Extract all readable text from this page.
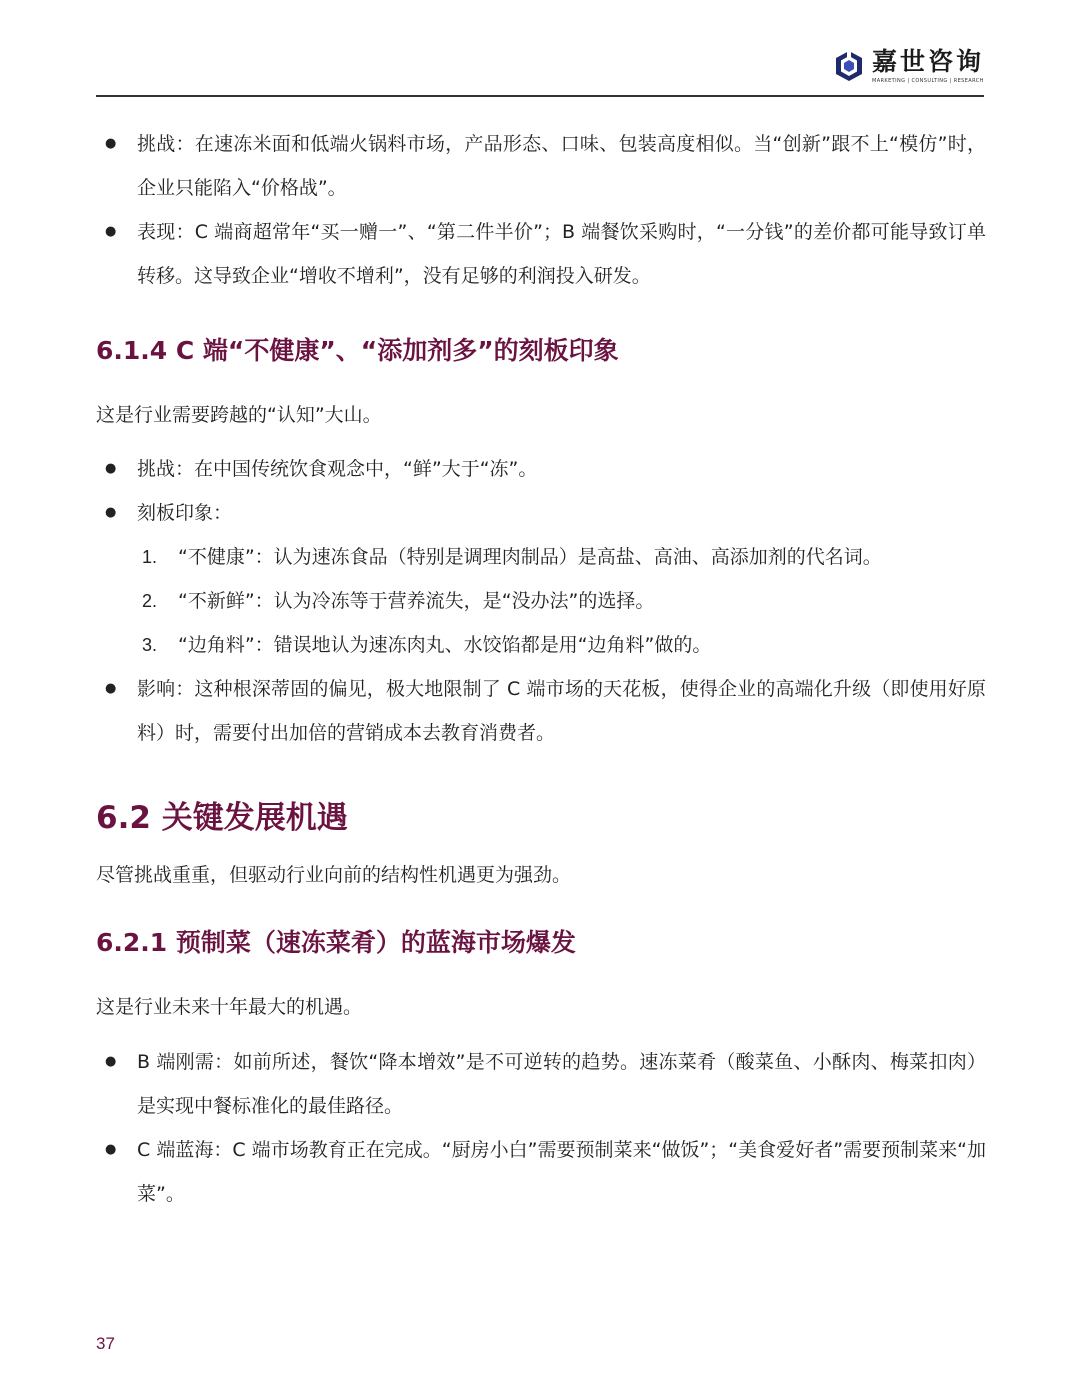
嘉世咨询
MARKETING | CONSULTING | RESEARCH
● 挑战：在速冻米面和低端火锅料市场，产品形态、口味、包装高度相似。当“创新”跟不上“模仿”时，企业只能陷入“价格战”。
● 表现：C 端商超常年“买一赠一”、“第二件半价”；B 端餐饮采购时，“一分钱”的差价都可能导致订单转移。这导致企业“增收不增利”，没有足够的利润投入研发。
6.1.4 C 端“不健康”、“添加剂多”的刻板印象

这是行业需要跨越的“认知”大山。

● 挑战：在中国传统饮食观念中，“鲜”大于“冻”。
● 刻板印象：
1. “不健康”：认为速冻食品（特别是调理肉制品）是高盐、高油、高添加剂的代名词。
2. “不新鲜”：认为冷冻等于营养流失，是“没办法”的选择。
3. “边角料”：错误地认为速冻肉丸、水饺馅都是用“边角料”做的。
● 影响：这种根深蒂固的偏见，极大地限制了 C 端市场的天花板，使得企业的高端化升级（即使用好原料）时，需要付出加倍的营销成本去教育消费者。
6.2 关键发展机遇

尽管挑战重重，但驱动行业向前的结构性机遇更为强劲。

6.2.1 预制菜（速冻菜肴）的蓝海市场爆发

这是行业未来十年最大的机遇。

● B 端刚需：如前所述，餐饮“降本增效”是不可逆转的趋势。速冻菜肴（酸菜鱼、小酥肉、梅菜扣肉）是实现中餐标准化的最佳路径。
● C 端蓝海：C 端市场教育正在完成。“厨房小白”需要预制菜来“做饭”；“美食爱好者”需要预制菜来“加菜”。
37
